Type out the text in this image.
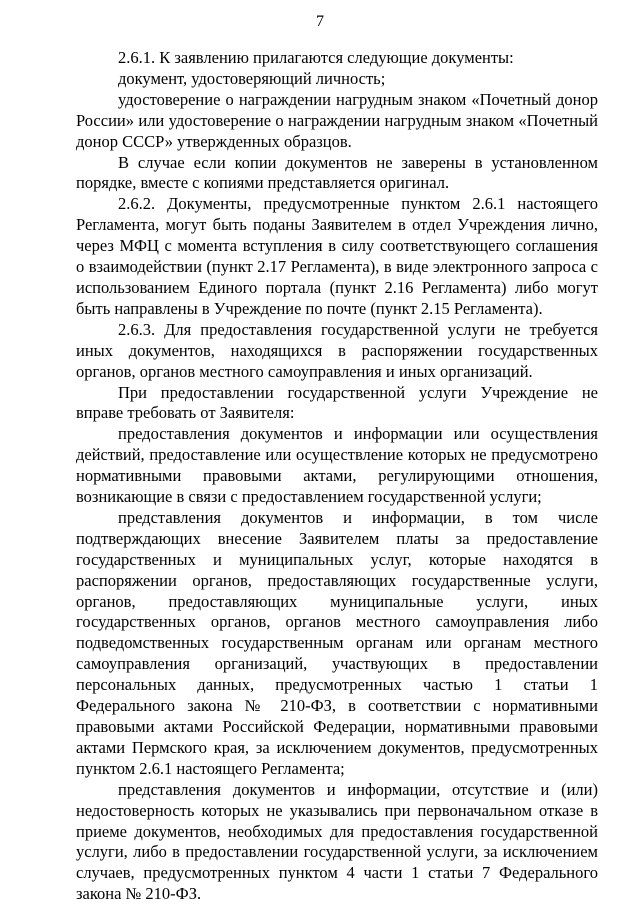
7

2.6.1. К заявлению прилагаются следующие документы:

документ, удостоверяющий личность;

удостоверение о награждении нагрудным знаком «Почетный донор России» или удостоверение о награждении нагрудным знаком «Почетный донор СССР» утвержденных образцов.

В случае если копии документов не заверены в установленном порядке, вместе с копиями представляется оригинал.

2.6.2. Документы, предусмотренные пунктом 2.6.1 настоящего Регламента, могут быть поданы Заявителем в отдел Учреждения лично, через МФЦ с момента вступления в силу соответствующего соглашения о взаимодействии (пункт 2.17 Регламента), в виде электронного запроса с использованием Единого портала (пункт 2.16 Регламента) либо могут быть направлены в Учреждение по почте (пункт 2.15 Регламента).

2.6.3. Для предоставления государственной услуги не требуется иных документов, находящихся в распоряжении государственных органов, органов местного самоуправления и иных организаций.

При предоставлении государственной услуги Учреждение не вправе требовать от Заявителя:

предоставления документов и информации или осуществления действий, предоставление или осуществление которых не предусмотрено нормативными правовыми актами, регулирующими отношения, возникающие в связи с предоставлением государственной услуги;

представления документов и информации, в том числе подтверждающих внесение Заявителем платы за предоставление государственных и муниципальных услуг, которые находятся в распоряжении органов, предоставляющих государственные услуги, органов, предоставляющих муниципальные услуги, иных государственных органов, органов местного самоуправления либо подведомственных государственным органам или органам местного самоуправления организаций, участвующих в предоставлении персональных данных, предусмотренных частью 1 статьи 1 Федерального закона № 210-ФЗ, в соответствии с нормативными правовыми актами Российской Федерации, нормативными правовыми актами Пермского края, за исключением документов, предусмотренных пунктом 2.6.1 настоящего Регламента;

представления документов и информации, отсутствие и (или) недостоверность которых не указывались при первоначальном отказе в приеме документов, необходимых для предоставления государственной услуги, либо в предоставлении государственной услуги, за исключением случаев, предусмотренных пунктом 4 части 1 статьи 7 Федерального закона № 210-ФЗ.
